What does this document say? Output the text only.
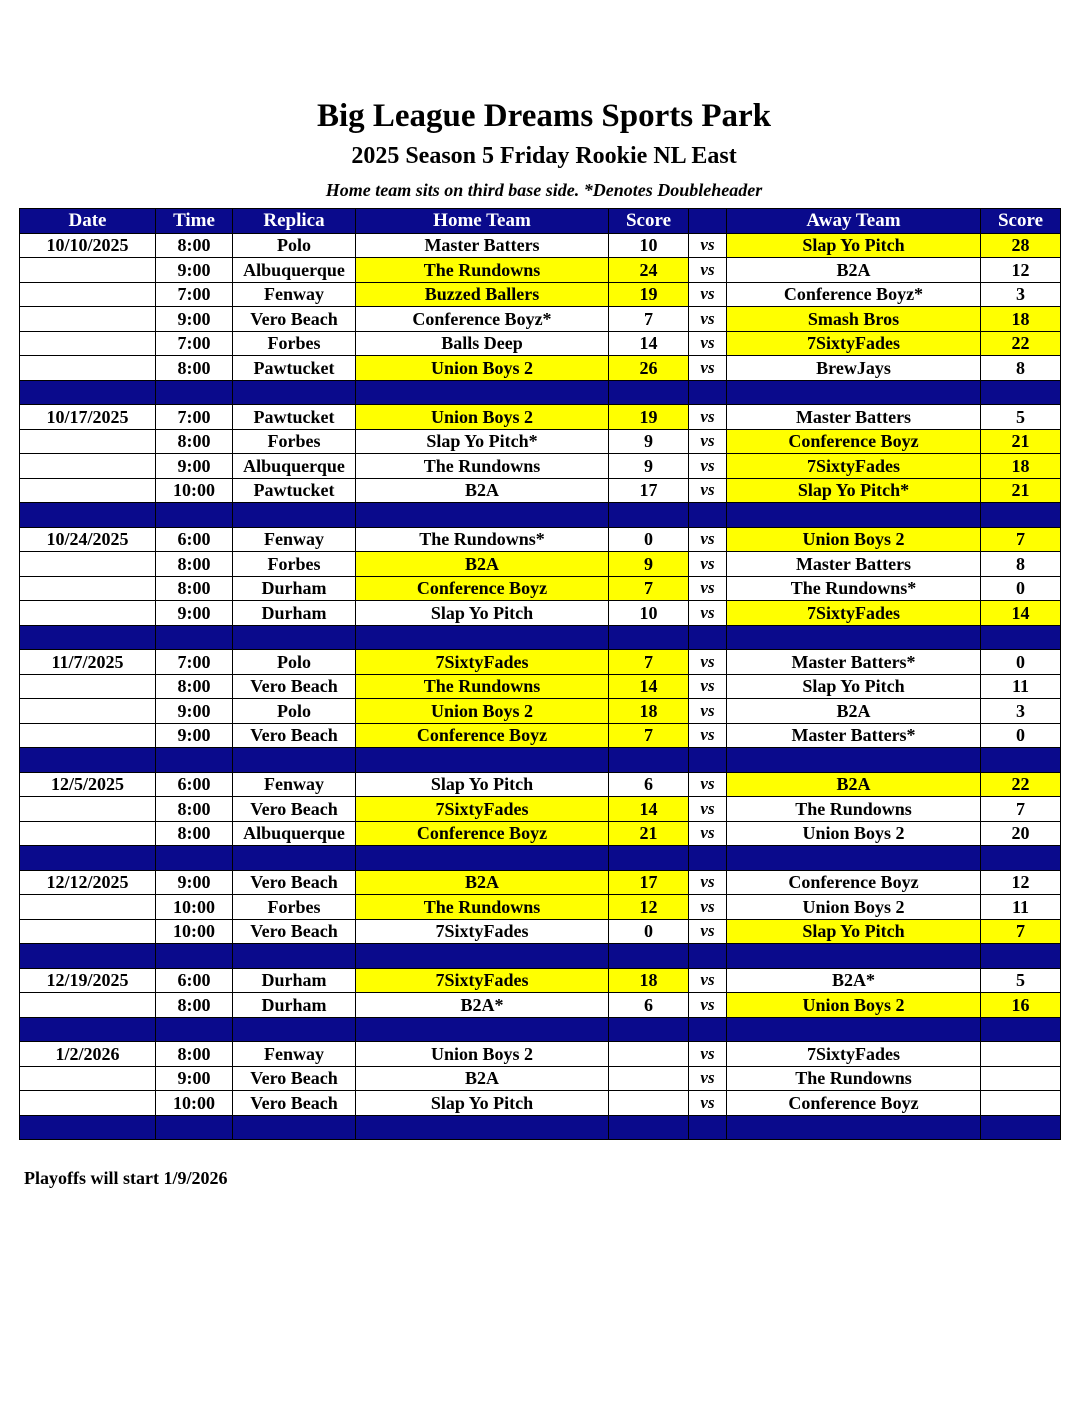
Big League Dreams Sports Park
2025 Season 5 Friday Rookie NL East
Home team sits on third base side. *Denotes Doubleheader
Date	Time	Replica	Home Team	Score		Away Team	Score
10/10/2025	8:00	Polo	Master Batters	10	vs	Slap Yo Pitch	28
	9:00	Albuquerque	The Rundowns	24	vs	B2A	12
	7:00	Fenway	Buzzed Ballers	19	vs	Conference Boyz*	3
	9:00	Vero Beach	Conference Boyz*	7	vs	Smash Bros	18
	7:00	Forbes	Balls Deep	14	vs	7SixtyFades	22
	8:00	Pawtucket	Union Boys 2	26	vs	BrewJays	8

10/17/2025	7:00	Pawtucket	Union Boys 2	19	vs	Master Batters	5
	8:00	Forbes	Slap Yo Pitch*	9	vs	Conference Boyz	21
	9:00	Albuquerque	The Rundowns	9	vs	7SixtyFades	18
	10:00	Pawtucket	B2A	17	vs	Slap Yo Pitch*	21

10/24/2025	6:00	Fenway	The Rundowns*	0	vs	Union Boys 2	7
	8:00	Forbes	B2A	9	vs	Master Batters	8
	8:00	Durham	Conference Boyz	7	vs	The Rundowns*	0
	9:00	Durham	Slap Yo Pitch	10	vs	7SixtyFades	14

11/7/2025	7:00	Polo	7SixtyFades	7	vs	Master Batters*	0
	8:00	Vero Beach	The Rundowns	14	vs	Slap Yo Pitch	11
	9:00	Polo	Union Boys 2	18	vs	B2A	3
	9:00	Vero Beach	Conference Boyz	7	vs	Master Batters*	0

12/5/2025	6:00	Fenway	Slap Yo Pitch	6	vs	B2A	22
	8:00	Vero Beach	7SixtyFades	14	vs	The Rundowns	7
	8:00	Albuquerque	Conference Boyz	21	vs	Union Boys 2	20

12/12/2025	9:00	Vero Beach	B2A	17	vs	Conference Boyz	12
	10:00	Forbes	The Rundowns	12	vs	Union Boys 2	11
	10:00	Vero Beach	7SixtyFades	0	vs	Slap Yo Pitch	7

12/19/2025	6:00	Durham	7SixtyFades	18	vs	B2A*	5
	8:00	Durham	B2A*	6	vs	Union Boys 2	16

1/2/2026	8:00	Fenway	Union Boys 2		vs	7SixtyFades	
	9:00	Vero Beach	B2A		vs	The Rundowns	
	10:00	Vero Beach	Slap Yo Pitch		vs	Conference Boyz	

Playoffs will start 1/9/2026
